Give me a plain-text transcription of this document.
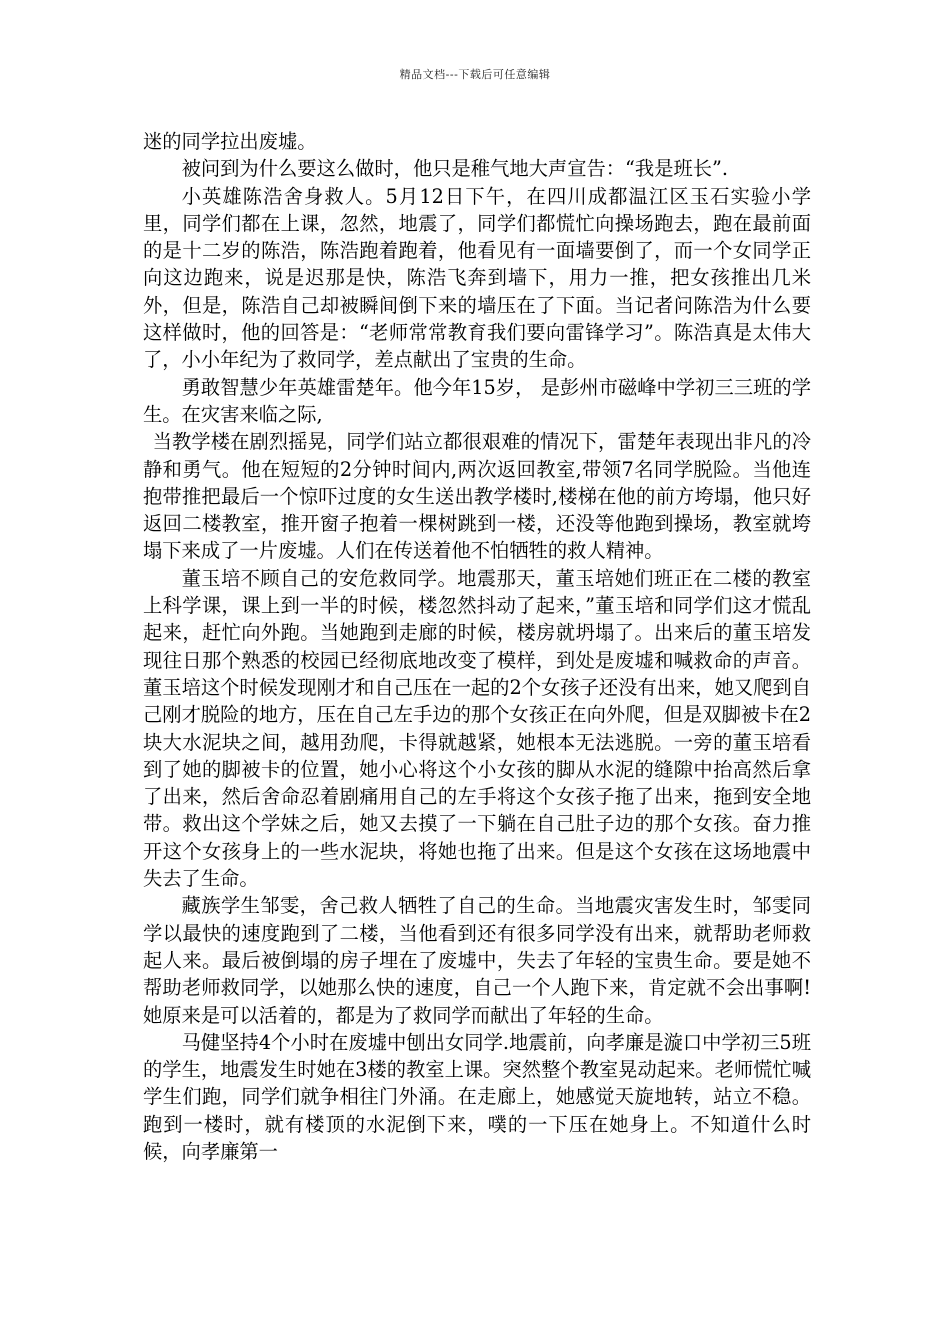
精品文档---下载后可任意编辑

迷的同学拉出废墟。

被问到为什么要这么做时，他只是稚气地大声宣告：“我是班长”.

小英雄陈浩舍身救人。5月12日下午，在四川成都温江区玉石实验小学里，同学们都在上课，忽然，地震了，同学们都慌忙向操场跑去，跑在最前面的是十二岁的陈浩，陈浩跑着跑着，他看见有一面墙要倒了，而一个女同学正向这边跑来，说是迟那是快，陈浩飞奔到墙下，用力一推，把女孩推出几米外，但是，陈浩自己却被瞬间倒下来的墙压在了下面。当记者问陈浩为什么要这样做时，他的回答是：“老师常常教育我们要向雷锋学习”。陈浩真是太伟大了，小小年纪为了救同学，差点献出了宝贵的生命。

勇敢智慧少年英雄雷楚年。他今年15岁， 是彭州市磁峰中学初三三班的学生。在灾害来临之际,

当教学楼在剧烈摇晃，同学们站立都很艰难的情况下，雷楚年表现出非凡的冷静和勇气。他在短短的2分钟时间内,两次返回教室,带领7名同学脱险。当他连抱带推把最后一个惊吓过度的女生送出教学楼时,楼梯在他的前方垮塌，他只好返回二楼教室，推开窗子抱着一棵树跳到一楼，还没等他跑到操场，教室就垮塌下来成了一片废墟。人们在传送着他不怕牺牲的救人精神。

董玉培不顾自己的安危救同学。地震那天，董玉培她们班正在二楼的教室上科学课，课上到一半的时候，楼忽然抖动了起来，”董玉培和同学们这才慌乱起来，赶忙向外跑。当她跑到走廊的时候，楼房就坍塌了。出来后的董玉培发现往日那个熟悉的校园已经彻底地改变了模样，到处是废墟和喊救命的声音。董玉培这个时候发现刚才和自己压在一起的2个女孩子还没有出来，她又爬到自己刚才脱险的地方，压在自己左手边的那个女孩正在向外爬，但是双脚被卡在2块大水泥块之间，越用劲爬，卡得就越紧，她根本无法逃脱。一旁的董玉培看到了她的脚被卡的位置，她小心将这个小女孩的脚从水泥的缝隙中抬高然后拿了出来，然后舍命忍着剧痛用自己的左手将这个女孩子拖了出来，拖到安全地带。救出这个学妹之后，她又去摸了一下躺在自己肚子边的那个女孩。奋力推开这个女孩身上的一些水泥块，将她也拖了出来。但是这个女孩在这场地震中失去了生命。

藏族学生邹雯，舍己救人牺牲了自己的生命。当地震灾害发生时，邹雯同学以最快的速度跑到了二楼，当他看到还有很多同学没有出来，就帮助老师救起人来。最后被倒塌的房子埋在了废墟中，失去了年轻的宝贵生命。要是她不帮助老师救同学，以她那么快的速度，自己一个人跑下来，肯定就不会出事啊!她原来是可以活着的，都是为了救同学而献出了年轻的生命。

马健坚持4个小时在废墟中刨出女同学.地震前，向孝廉是漩口中学初三5班的学生，地震发生时她在3楼的教室上课。突然整个教室晃动起来。老师慌忙喊学生们跑，同学们就争相往门外涌。在走廊上，她感觉天旋地转，站立不稳。跑到一楼时，就有楼顶的水泥倒下来，噗的一下压在她身上。不知道什么时候，向孝廉第一
